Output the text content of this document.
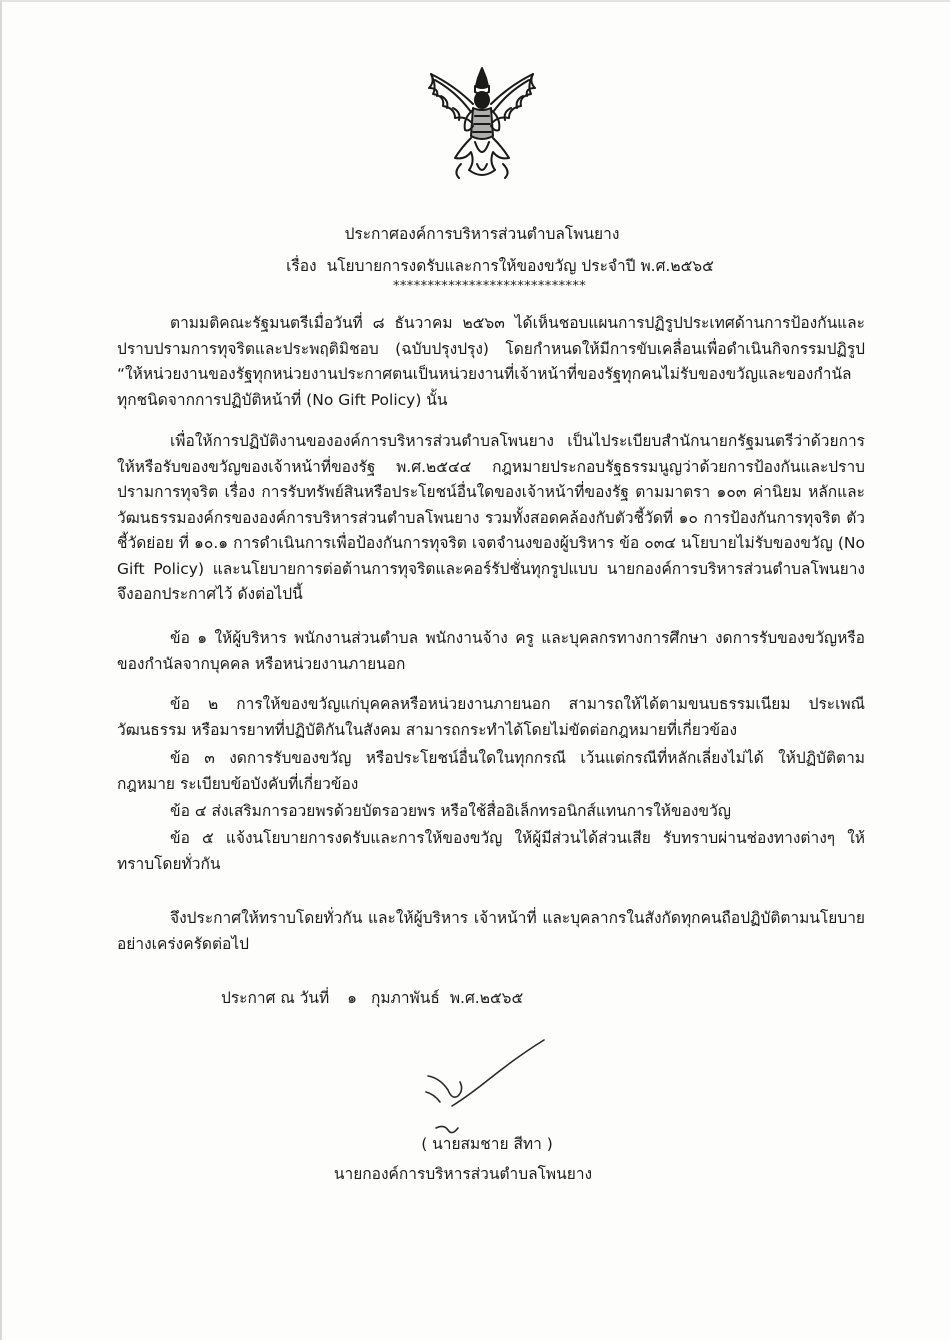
ประกาศองค์การบริหารส่วนตำบลโพนยาง
เรื่อง นโยบายการงดรับและการให้ของขวัญ ประจำปี พ.ศ.๒๕๖๕
****************************

ตามมติคณะรัฐมนตรีเมื่อวันที่ ๘ ธันวาคม ๒๕๖๓ ได้เห็นชอบแผนการปฏิรูปประเทศด้านการป้องกันและปราบปรามการทุจริตและประพฤติมิชอบ (ฉบับปรุงปรุง) โดยกำหนดให้มีการขับเคลื่อนเพื่อดำเนินกิจกรรมปฏิรูป “ให้หน่วยงานของรัฐทุกหน่วยงานประกาศตนเป็นหน่วยงานที่เจ้าหน้าที่ของรัฐทุกคนไม่รับของขวัญและของกำนัลทุกชนิดจากการปฏิบัติหน้าที่ (No Gift Policy) นั้น

เพื่อให้การปฏิบัติงานขององค์การบริหารส่วนตำบลโพนยาง เป็นไประเบียบสำนักนายกรัฐมนตรีว่าด้วยการให้หรือรับของขวัญของเจ้าหน้าที่ของรัฐ พ.ศ.๒๕๔๔ กฎหมายประกอบรัฐธรรมนูญว่าด้วยการป้องกันและปราบปรามการทุจริต เรื่อง การรับทรัพย์สินหรือประโยชน์อื่นใดของเจ้าหน้าที่ของรัฐ ตามมาตรา ๑๐๓ ค่านิยม หลักและวัฒนธรรมองค์กรขององค์การบริหารส่วนตำบลโพนยาง รวมทั้งสอดคล้องกับตัวชี้วัดที่ ๑๐ การป้องกันการทุจริต ตัวชี้วัดย่อย ที่ ๑๐.๑ การดำเนินการเพื่อป้องกันการทุจริต เจตจำนงของผู้บริหาร ข้อ ๐๓๔ นโยบายไม่รับของขวัญ (No Gift Policy) และนโยบายการต่อต้านการทุจริตและคอร์รัปชั่นทุกรูปแบบ นายกองค์การบริหารส่วนตำบลโพนยาง จึงออกประกาศไว้ ดังต่อไปนี้

ข้อ ๑ ให้ผู้บริหาร พนักงานส่วนตำบล พนักงานจ้าง ครู และบุคลกรทางการศึกษา งดการรับของขวัญหรือของกำนัลจากบุคคล หรือหน่วยงานภายนอก

ข้อ ๒ การให้ของขวัญแก่บุคคลหรือหน่วยงานภายนอก สามารถให้ได้ตามขนบธรรมเนียม ประเพณีวัฒนธรรม หรือมารยาทที่ปฏิบัติกันในสังคม สามารถกระทำได้โดยไม่ขัดต่อกฎหมายที่เกี่ยวข้อง

ข้อ ๓ งดการรับของขวัญ หรือประโยชน์อื่นใดในทุกกรณี เว้นแต่กรณีที่หลักเลี่ยงไม่ได้ ให้ปฏิบัติตามกฎหมาย ระเบียบข้อบังคับที่เกี่ยวข้อง

ข้อ ๔ ส่งเสริมการอวยพรด้วยบัตรอวยพร หรือใช้สื่ออิเล็กทรอนิกส์แทนการให้ของขวัญ

ข้อ ๕ แจ้งนโยบายการงดรับและการให้ของขวัญ ให้ผู้มีส่วนได้ส่วนเสีย รับทราบผ่านช่องทางต่างๆ ให้ทราบโดยทั่วกัน

จึงประกาศให้ทราบโดยทั่วกัน และให้ผู้บริหาร เจ้าหน้าที่ และบุคลากรในสังกัดทุกคนถือปฏิบัติตามนโยบายอย่างเคร่งครัดต่อไป

ประกาศ ณ วันที่ ๑ กุมภาพันธ์ พ.ศ.๒๕๖๕
( นายสมชาย สีทา )
นายกองค์การบริหารส่วนตำบลโพนยาง
